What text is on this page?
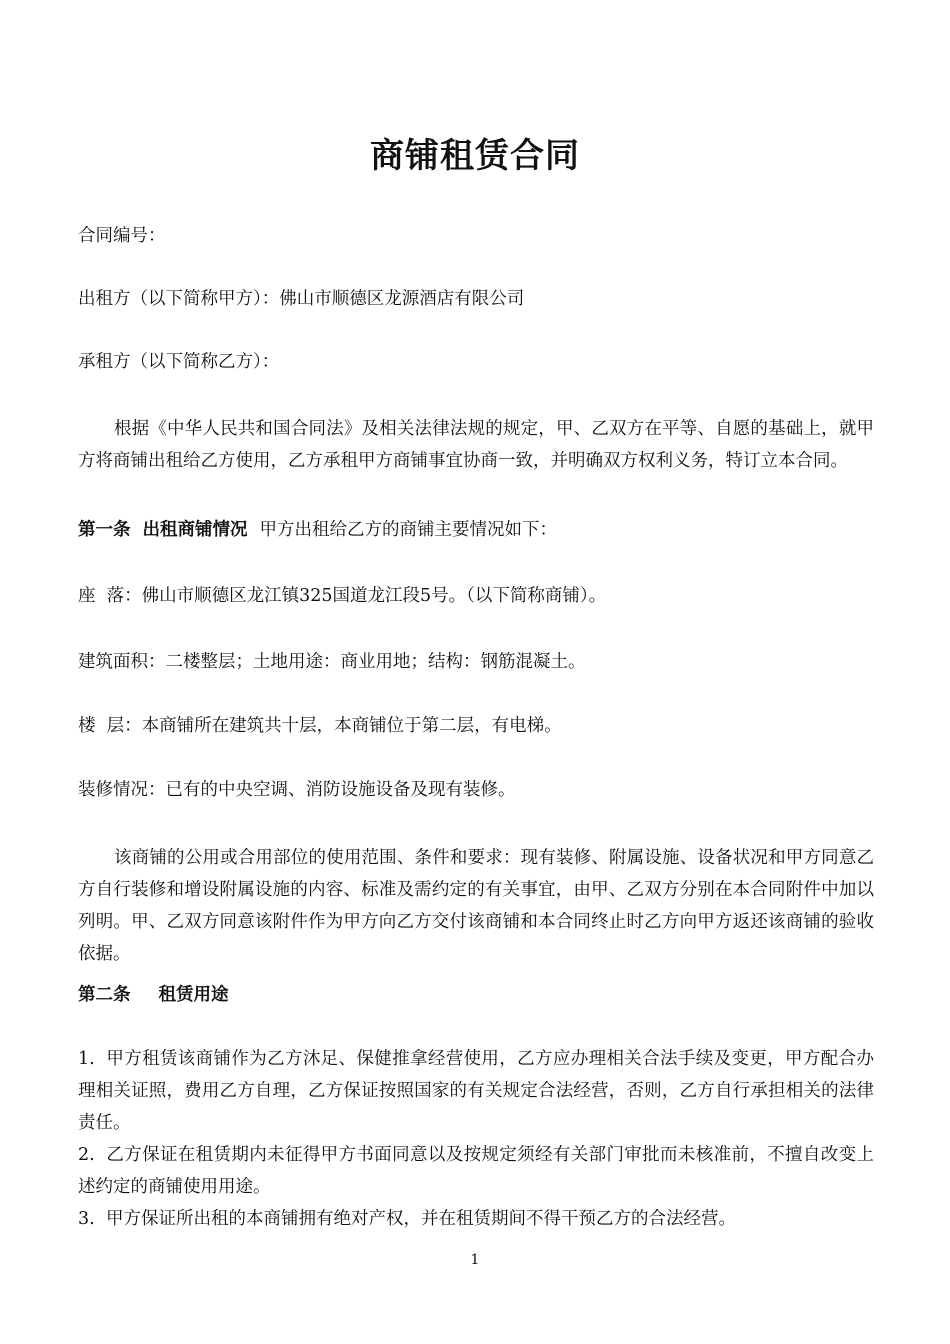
商铺租赁合同
合同编号：
出租方（以下简称甲方）：佛山市顺德区龙源酒店有限公司
承租方（以下简称乙方）：
根据《中华人民共和国合同法》及相关法律法规的规定，甲、乙双方在平等、自愿的基础上，就甲方将商铺出租给乙方使用，乙方承租甲方商铺事宜协商一致，并明确双方权利义务，特订立本合同。
第一条 出租商铺情况 甲方出租给乙方的商铺主要情况如下：
座  落：佛山市顺德区龙江镇325国道龙江段5号。（以下简称商铺）。
建筑面积：二楼整层；土地用途：商业用地；结构：钢筋混凝土。
楼  层：本商铺所在建筑共十层，本商铺位于第二层，有电梯。
装修情况：已有的中央空调、消防设施设备及现有装修。
该商铺的公用或合用部位的使用范围、条件和要求：现有装修、附属设施、设备状况和甲方同意乙方自行装修和增设附属设施的内容、标准及需约定的有关事宜，由甲、乙双方分别在本合同附件中加以列明。甲、乙双方同意该附件作为甲方向乙方交付该商铺和本合同终止时乙方向甲方返还该商铺的验收依据。
第二条 租赁用途
1. 甲方租赁该商铺作为乙方沐足、保健推拿经营使用，乙方应办理相关合法手续及变更，甲方配合办理相关证照，费用乙方自理，乙方保证按照国家的有关规定合法经营，否则，乙方自行承担相关的法律责任。
2. 乙方保证在租赁期内未征得甲方书面同意以及按规定须经有关部门审批而未核准前，不擅自改变上述约定的商铺使用用途。
3. 甲方保证所出租的本商铺拥有绝对产权，并在租赁期间不得干预乙方的合法经营。
1
